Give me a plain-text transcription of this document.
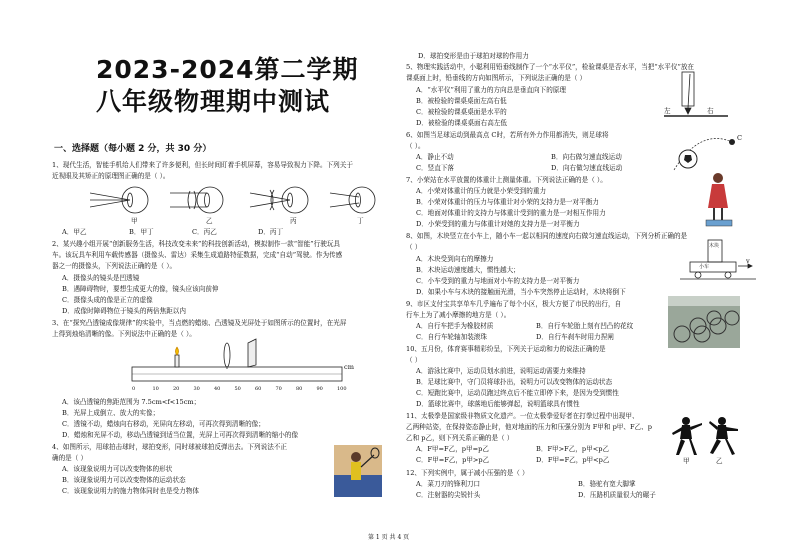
2023-2024第二学期
八年级物理期中测试
一、选择题（每小题 2 分，共 30 分）
1、现代生活，智能手机给人们带来了许多便利，但长时间盯着手机屏幕，容易导致视力下降。下列关于
近视眼及其矫正的原理图正确的是（ ）。
甲	乙	丙	丁
A．甲乙	B．甲丁	C．丙乙	D．丙丁
2、某兴趣小组开展“创新服务生活，科技改变未来”的科技创新活动，模拟制作一款“智能”行驶玩具
车。该玩具车利用车载传感器（摄像头、雷达）采集生成道路特征数据，完成“自动”驾驶。作为传感
器之一的摄像头，下列说法正确的是（ ）。
A．摄像头的镜头是凹透镜
B．遇障碍物时，要想生成更大的像，镜头应该向前伸
C．摄像头成的像是正立的虚像
D．成像时障碍物位于镜头的两倍焦距以内
3、在“探究凸透镜成像规律”的实验中，当点燃的蜡烛、凸透镜及光屏处于如图所示的位置时，在光屏
上得到烛焰清晰的像。下列说法中正确的是（ ）。
cm
0	10	20	30	40	50	60	70	80	90	100
A．该凸透镜的焦距范围为 7.5cm<f<15cm；
B．光屏上成倒立、放大的实像；
C．透镜不动，蜡烛向右移动，光屏向左移动，可再次得到清晰的像；
D．蜡烛和光屏不动，移动凸透镜到适当位置，光屏上可再次得到清晰的缩小的像
4、如图所示，用球拍击球时，球拍变形，同时球被球拍反弹出去。下列说法不正
确的是（ ）
A．该现象说明力可以改变物体的形状
B．该现象说明力可以改变物体的运动状态
C．该现象说明力的施力物体同时也是受力物体
D．球拍变形是由于球拍对球的作用力
5、物理实践活动中，小聪利用铅垂线制作了一个“水平仪”，检验课桌是否水平，当把“水平仪”放在
课桌面上时，铅垂线的方向如图所示，下列说法正确的是（ ）
左	右
A．“水平仪”利用了重力的方向总是垂直向下的原理
B．被检验的课桌桌面左高右低
C．被检验的课桌桌面是水平的
D．被检验的课桌桌面右高左低
6、如图当足球运动到最高点 C时，若所有外力作用都消失，则足球将
（ ）。
C
A．静止不动	B．向右做匀速直线运动
C．竖直下落	D．向右做匀速直线运动
7、小荣站在水平放置的体重计上测量体重。下列说法正确的是（ ）。
A．小荣对体重计的压力就是小荣受到的重力
B．小荣对体重计的压力与体重计对小荣的支持力是一对平衡力
C．地面对体重计的支持力与体重计受到的重力是一对相互作用力
D．小荣受到的重力与体重计对她的支持力是一对平衡力
8、如图，木块竖立在小车上，随小车一起以相同的速度向右做匀速直线运动，下列分析正确的是
（ ）	木块
小车
v
A．木块受到向右的摩擦力
B．木块运动速度越大，惯性越大；
C．小车受到的重力与地面对小车的支持力是一对平衡力
D．如果小车与木块的接触面光滑，当小车突然停止运动时，木块将倒下
9、市区支付宝共享单车几乎遍布了每个小区，极大方便了市民的出行，自
行车上为了减小摩擦的地方是（ ）。
A．自行车把手为橡胶材质	B．自行车轮胎上刻有凹凸的花纹
C．自行车轮轴加装滚珠	D．自行车刹车时用力捏闸
10、五月份，体育赛事精彩纷呈，下列关于运动和力的说法正确的是
（ ）
A．游泳比赛中，运动员划水前进，说明运动需要力来维持
B．足球比赛中，守门员将球扑出，说明力可以改变物体的运动状态
C．短跑比赛中，运动员跑过终点后不能立即停下来，是因为受到惯性
D．篮球比赛中，球落地后能够弹起，说明篮球具有惯性
11、太极拳是国家级非物质文化遗产。一位太极拳爱好者在打拳过程中出现甲、
乙两种站姿，在保持姿态静止时，他对地面的压力和压强分别为 F甲和 p甲、F乙、p
乙和 p乙，则下列关系正确的是（ ）
A．F甲=F乙，p甲=p乙	B．F甲>F乙，p甲<p乙
C．F甲=F乙，p甲>p乙	D．F甲=F乙，p甲<p乙	甲	乙
12、下列实例中，属于减小压强的是（ ）
A．菜刀刃的锋利刀口	B．骆驼有宽大脚掌
C．注射器的尖锐针头	D．压路机质量很大的碾子
第 1 页 共 4 页
